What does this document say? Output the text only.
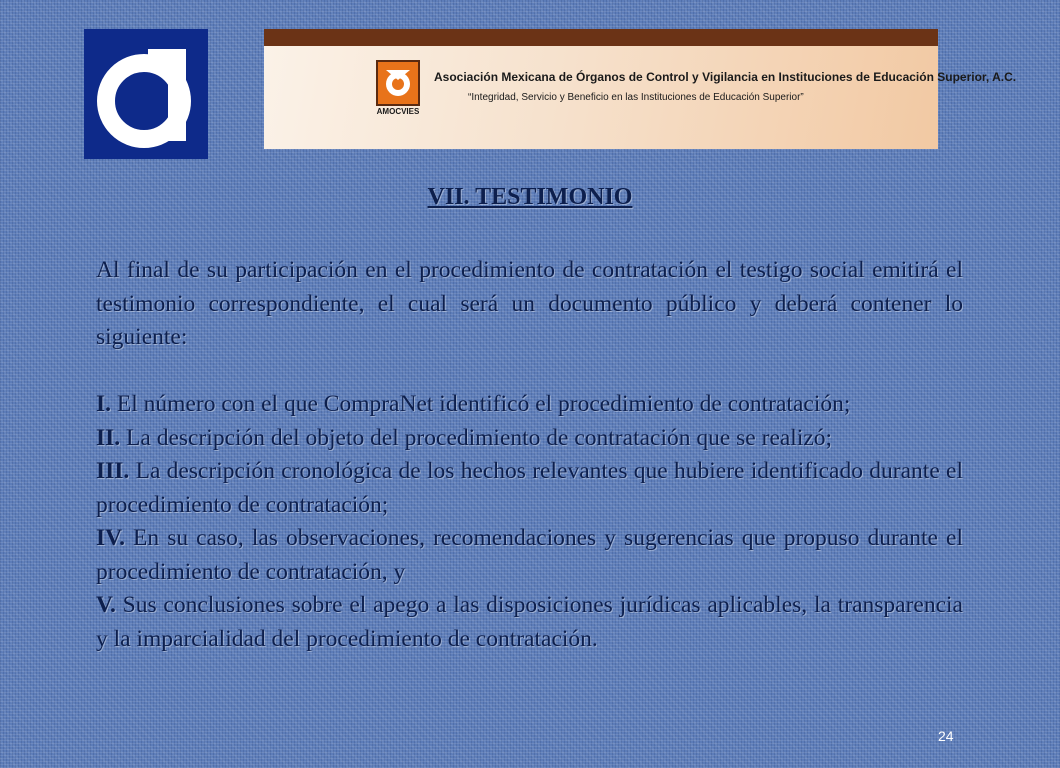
AMOCVIES
Asociación Mexicana de Órganos de Control y Vigilancia en Instituciones de Educación Superior, A.C.
“Integridad, Servicio y Beneficio en las Instituciones de Educación Superior”
VII. TESTIMONIO

Al final de su participación en el procedimiento de contratación el testigo social emitirá el testimonio correspondiente, el cual será un documento público y deberá contener lo siguiente:

I. El número con el que CompraNet identificó el procedimiento de contratación;

II. La descripción del objeto del procedimiento de contratación que se realizó;

III. La descripción cronológica de los hechos relevantes que hubiere identificado durante el procedimiento de contratación;

IV. En su caso, las observaciones, recomendaciones y sugerencias que propuso durante el procedimiento de contratación, y

V. Sus conclusiones sobre el apego a las disposiciones jurídicas aplicables, la transparencia y la imparcialidad del procedimiento de contratación.

24
